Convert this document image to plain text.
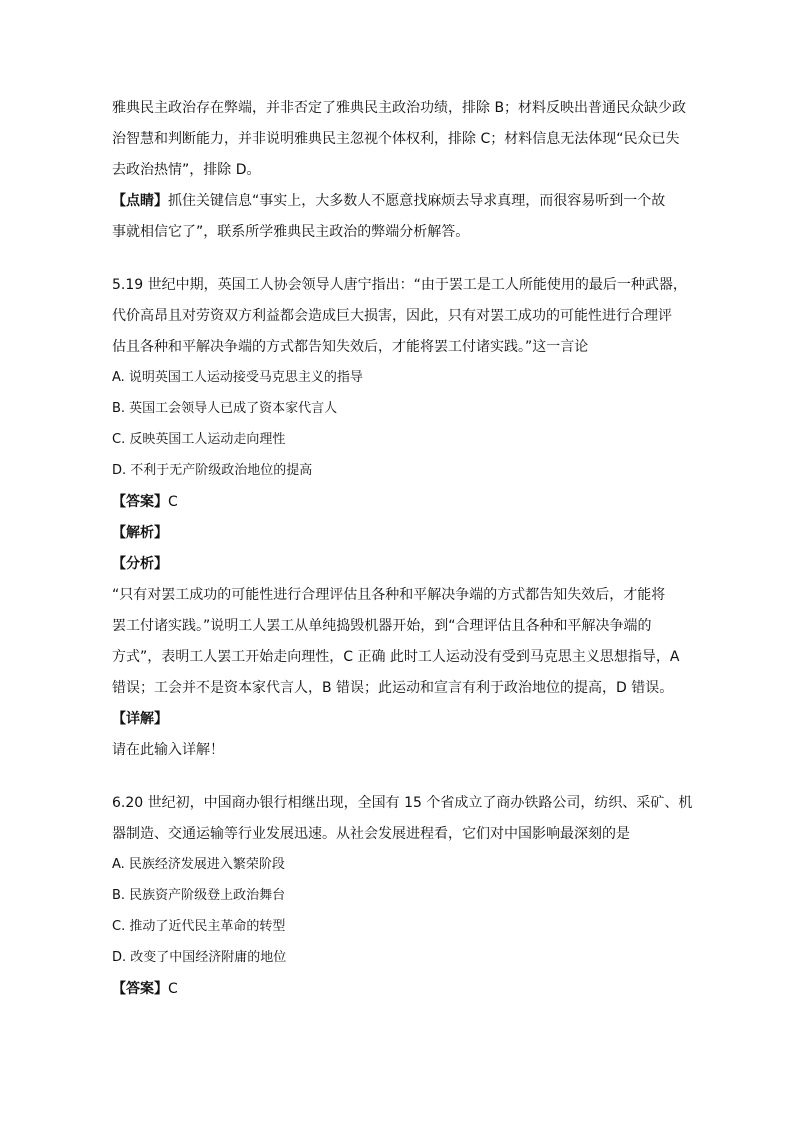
雅典民主政治存在弊端，并非否定了雅典民主政治功绩，排除 B；材料反映出普通民众缺少政
治智慧和判断能力，并非说明雅典民主忽视个体权利，排除 C；材料信息无法体现“民众已失
去政治热情”，排除 D。
【点睛】抓住关键信息“事实上，大多数人不愿意找麻烦去导求真理，而很容易听到一个故
事就相信它了”，联系所学雅典民主政治的弊端分析解答。
5.19 世纪中期，英国工人协会领导人唐宁指出：“由于罢工是工人所能使用的最后一种武器，
代价高昂且对劳资双方利益都会造成巨大损害，因此，只有对罢工成功的可能性进行合理评
估且各种和平解决争端的方式都告知失效后，才能将罢工付诸实践。”这一言论
A. 说明英国工人运动接受马克思主义的指导
B. 英国工会领导人已成了资本家代言人
C. 反映英国工人运动走向理性
D. 不利于无产阶级政治地位的提高
【答案】C
【解析】
【分析】
“只有对罢工成功的可能性进行合理评估且各种和平解决争端的方式都告知失效后，才能将
罢工付诸实践。”说明工人罢工从单纯捣毁机器开始，到“合理评估且各种和平解决争端的
方式”，表明工人罢工开始走向理性，C 正确 此时工人运动没有受到马克思主义思想指导，A
错误；工会并不是资本家代言人，B 错误；此运动和宣言有利于政治地位的提高，D 错误。
【详解】
请在此输入详解！
6.20 世纪初，中国商办银行相继出现，全国有 15 个省成立了商办铁路公司，纺织、采矿、机
器制造、交通运输等行业发展迅速。从社会发展进程看，它们对中国影响最深刻的是
A. 民族经济发展进入繁荣阶段
B. 民族资产阶级登上政治舞台
C. 推动了近代民主革命的转型
D. 改变了中国经济附庸的地位
【答案】C
